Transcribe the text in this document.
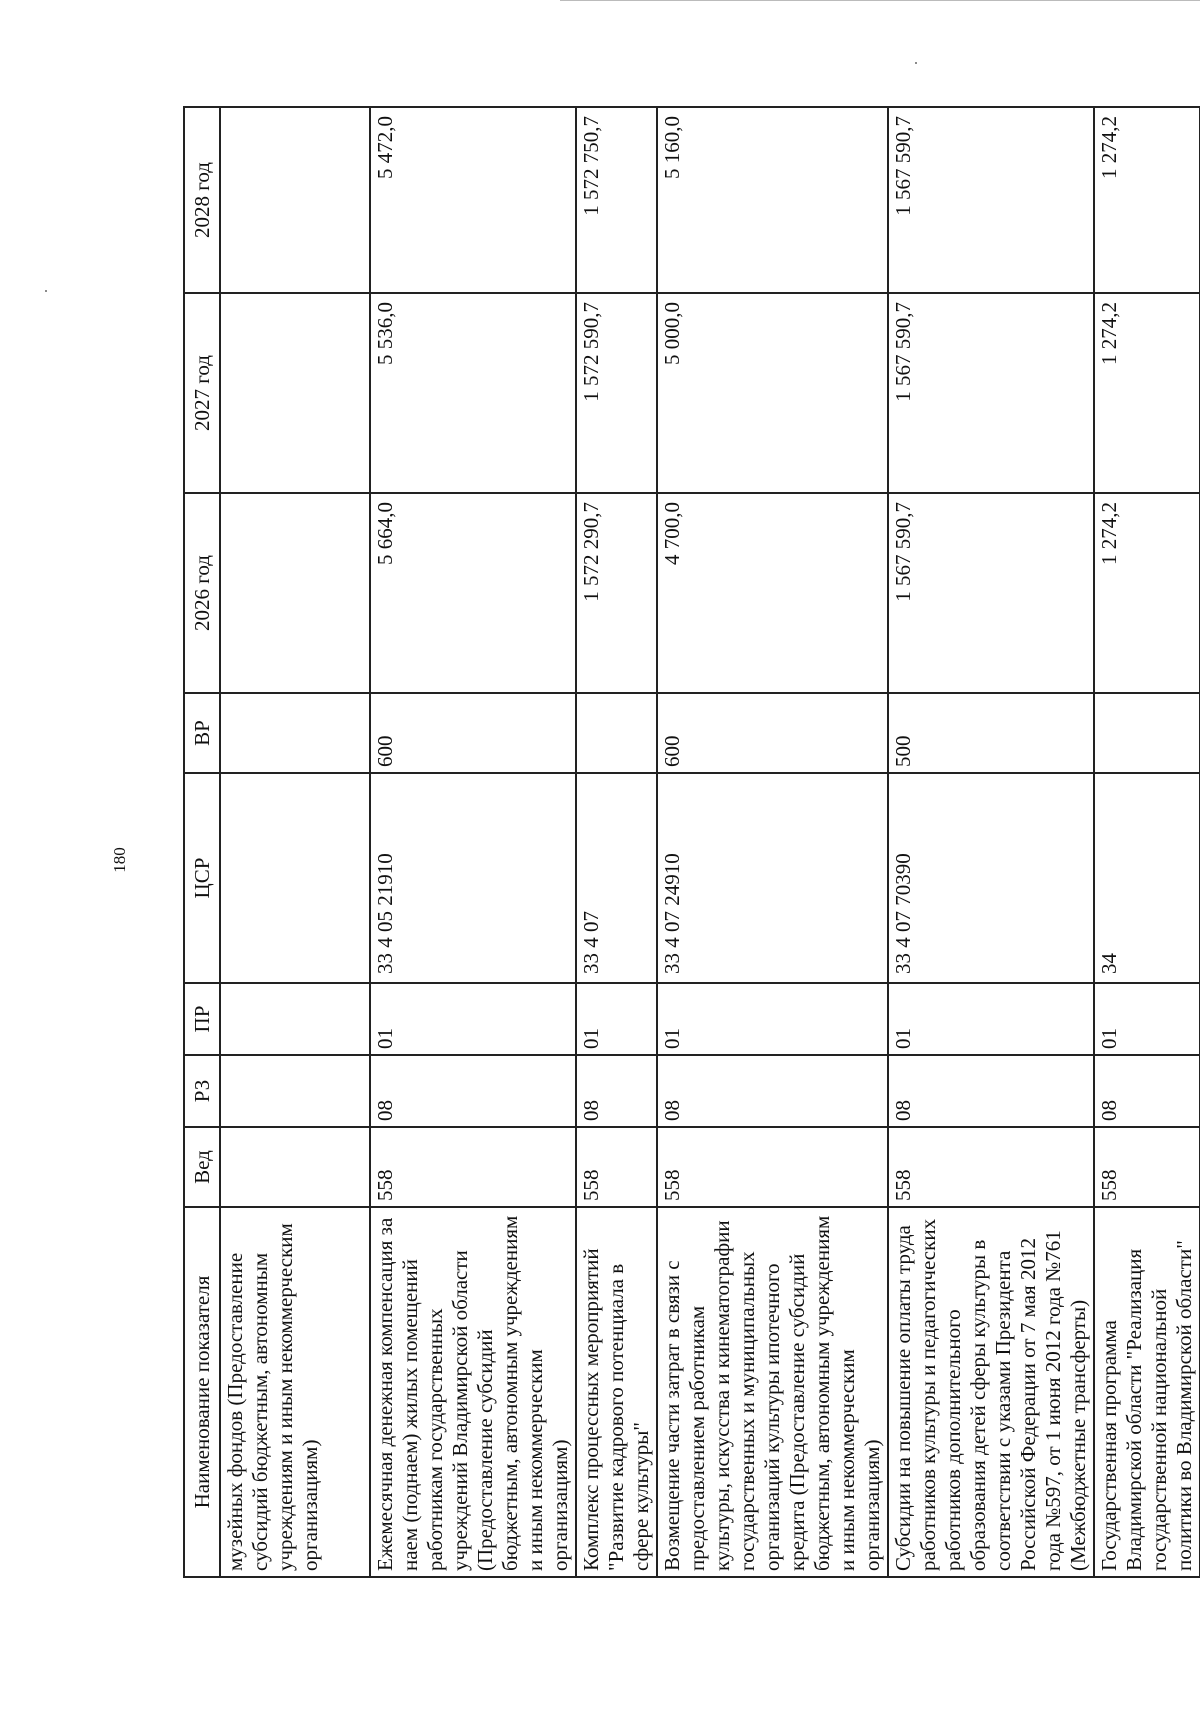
180
Наименование показателя	Вед	РЗ	ПР	ЦСР	ВР	2026 год	2027 год	2028 год
музейных фондов (Предоставление субсидий бюджетным, автономным учреждениям и иным некоммерческим организациям)								
Ежемесячная денежная компенсация за наем (поднаем) жилых помещений работникам государственных учреждений Владимирской области (Предоставление субсидий бюджетным, автономным учреждениям и иным некоммерческим организациям)	558	08	01	33 4 05 21910	600	5 664,0	5 536,0	5 472,0
Комплекс процессных мероприятий "Развитие кадрового потенциала в сфере культуры"	558	08	01	33 4 07		1 572 290,7	1 572 590,7	1 572 750,7
Возмещение части затрат в связи с предоставлением работникам культуры, искусства и кинематографии государственных и муниципальных организаций культуры ипотечного кредита (Предоставление субсидий бюджетным, автономным учреждениям и иным некоммерческим организациям)	558	08	01	33 4 07 24910	600	4 700,0	5 000,0	5 160,0
Субсидии на повышение оплаты труда работников культуры и педагогических работников дополнительного образования детей сферы культуры в соответствии с указами Президента Российской Федерации от 7 мая 2012 года №597, от 1 июня 2012 года №761 (Межбюджетные трансферты)	558	08	01	33 4 07 70390	500	1 567 590,7	1 567 590,7	1 567 590,7
Государственная программа Владимирской области "Реализация государственной национальной политики во Владимирской области"	558	08	01	34		1 274,2	1 274,2	1 274,2
